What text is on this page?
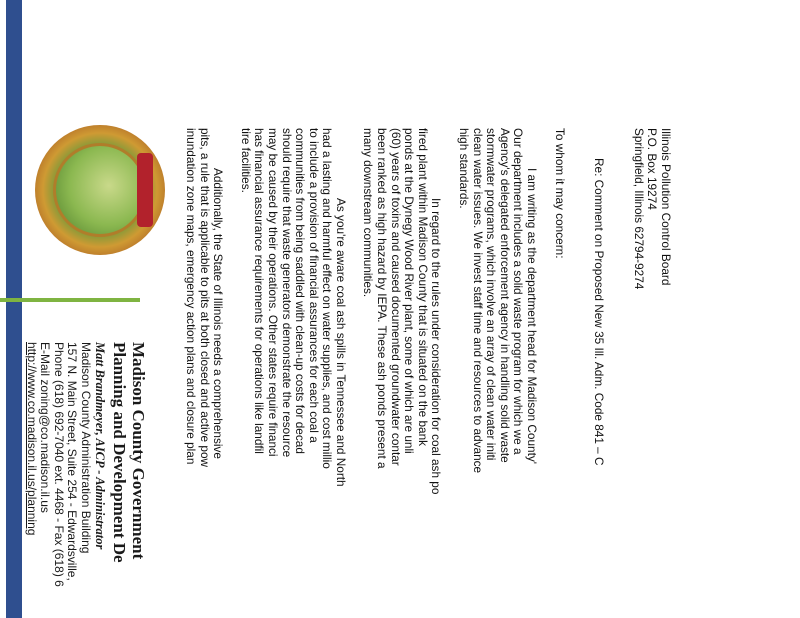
Madison County Government
Planning and Development De
Matt Brandmeyer, AICP - Administrator
Madison County Administration Building
157 N. Main Street, Suite 254 - Edwardsville,
Phone (618) 692-7040 ext. 4468 - Fax (618) 6
E-Mail zoning@co.madison.il.us
http://www.co.madison.il.us/planning
Illinois Pollution Control Board
P.O. Box 19274
Springfield, Illinois 62794-9274
Re: Comment on Proposed New 35 Ill. Adm. Code 841 – C
To whom it may concern:
I am writing as the department head for Madison County'
Our department includes a solid waste program for which we a
Agency's delegated enforcement agency in handling solid waste
stormwater programs, which involve an array of clean water initi
clean water issues. We invest staff time and resources to advance
high standards.
In regard to the rules under consideration for coal ash po
fired plant within Madison County that is situated on the bank
ponds at the Dynegy Wood River plant, some of which are unli
(60) years of toxins and caused documented groundwater contar
been ranked as high hazard by IEPA. These ash ponds present a
many downstream communities.
As you're aware coal ash spills in Tennessee and North
had a lasting and harmful effect on water supplies, and cost millio
to include a provision of financial assurances for each coal a
communities from being saddled with clean-up costs for decad
should require that waste generators demonstrate the resource
may be caused by their operations. Other states require financi
has financial assurance requirements for operations like landfil
tire facilities.
Additionally, the State of Illinois needs a comprehensive
pits, a rule that is applicable to pits at both closed and active pow
inundation zone maps, emergency action plans and closure plan
